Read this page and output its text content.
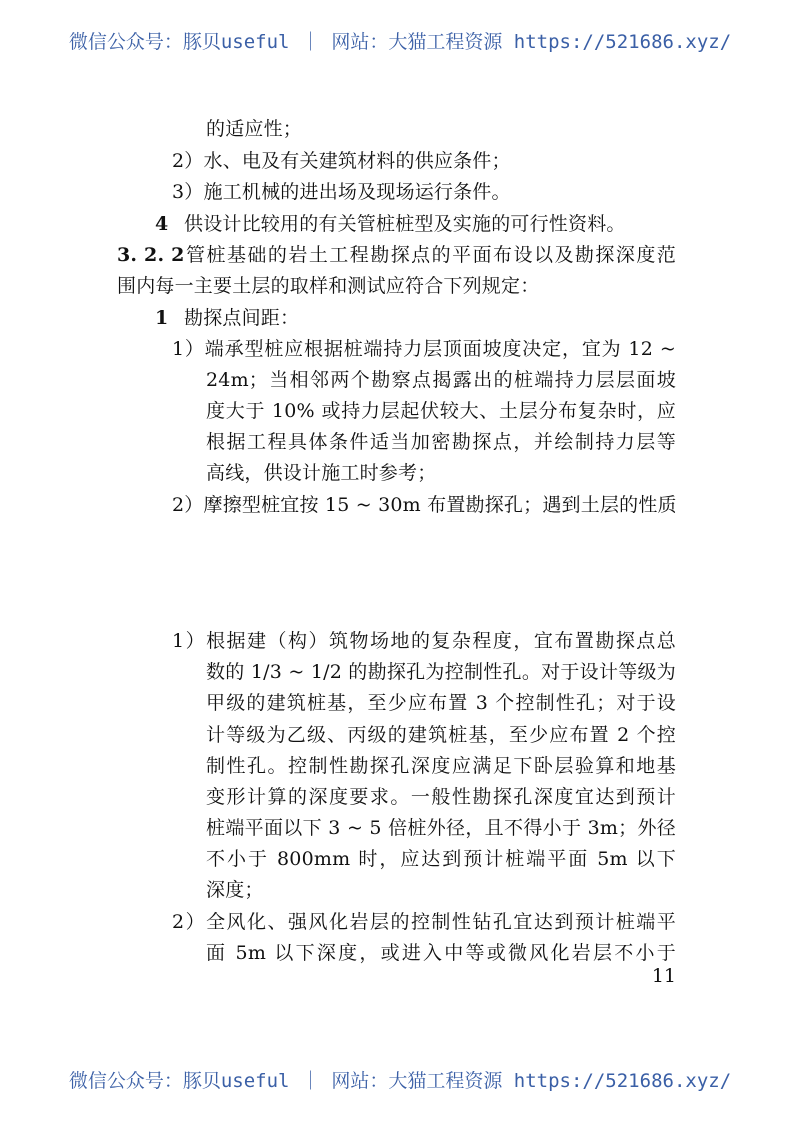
微信公众号：豚贝useful ｜ 网站：大猫工程资源 https://521686.xyz/
的适应性；
2）水、电及有关建筑材料的供应条件；
3）施工机械的进出场及现场运行条件。
4 供设计比较用的有关管桩桩型及实施的可行性资料。
3. 2. 2 管桩基础的岩土工程勘探点的平面布设以及勘探深度范
围内每一主要土层的取样和测试应符合下列规定：
1 勘探点间距：
1）端承型桩应根据桩端持力层顶面坡度决定，宜为 12 ~
24m；当相邻两个勘察点揭露出的桩端持力层层面坡
度大于 10% 或持力层起伏较大、土层分布复杂时，应
根据工程具体条件适当加密勘探点，并绘制持力层等
高线，供设计施工时参考；
2）摩擦型桩宜按 15 ~ 30m 布置勘探孔；遇到土层的性质
1）根据建（构）筑物场地的复杂程度，宜布置勘探点总
数的 1/3 ~ 1/2 的勘探孔为控制性孔。对于设计等级为
甲级的建筑桩基，至少应布置 3 个控制性孔；对于设
计等级为乙级、丙级的建筑桩基，至少应布置 2 个控
制性孔。控制性勘探孔深度应满足下卧层验算和地基
变形计算的深度要求。一般性勘探孔深度宜达到预计
桩端平面以下 3 ~ 5 倍桩外径，且不得小于 3m；外径
不小于 800mm 时，应达到预计桩端平面 5m 以下
深度；
2）全风化、强风化岩层的控制性钻孔宜达到预计桩端平
面 5m 以下深度，或进入中等或微风化岩层不小于
11
微信公众号：豚贝useful ｜ 网站：大猫工程资源 https://521686.xyz/
